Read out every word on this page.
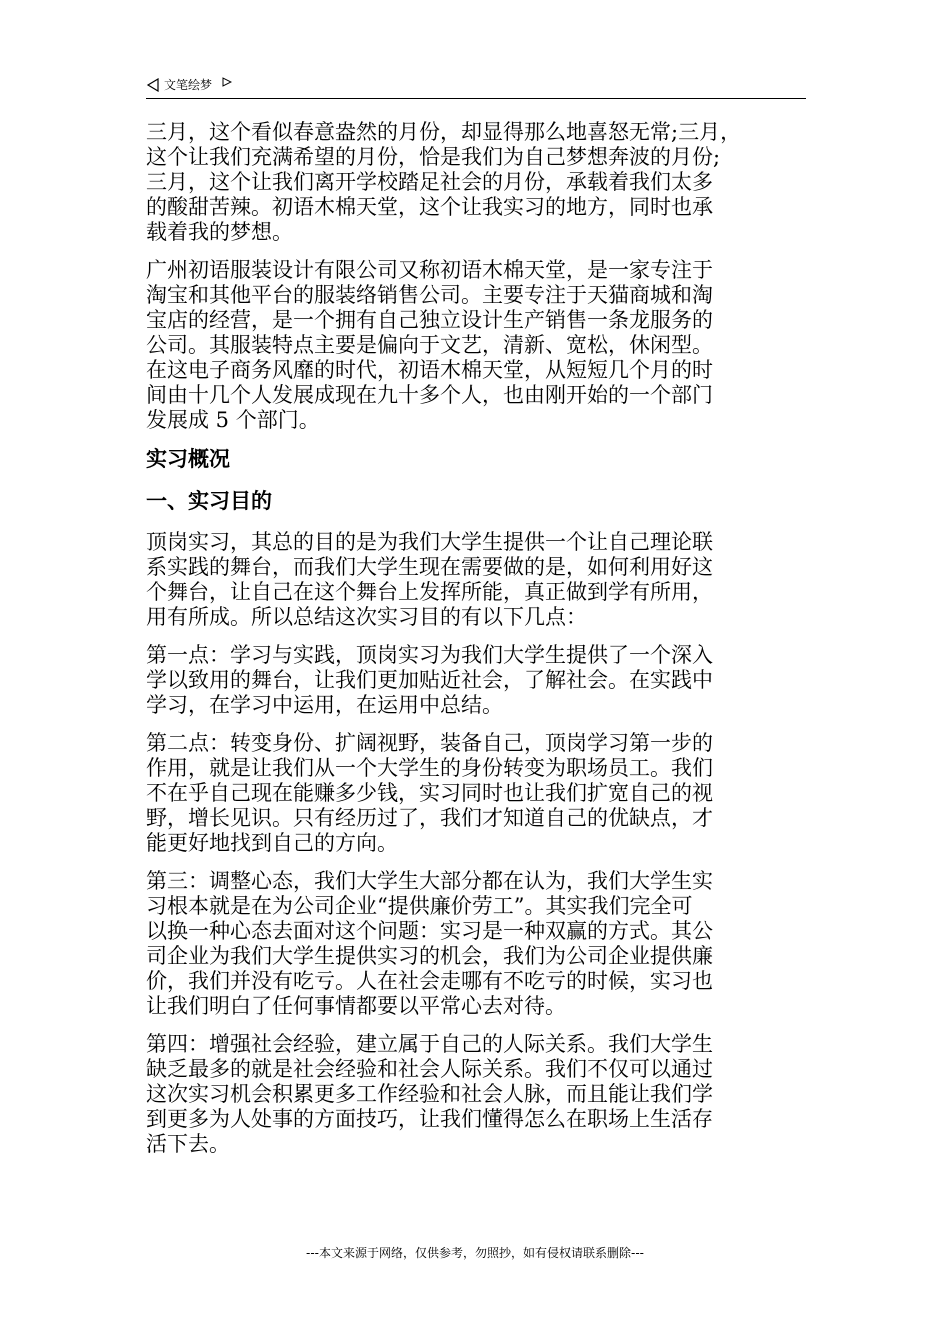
文笔绘梦

三月，这个看似春意盎然的月份，却显得那么地喜怒无常;三月，
这个让我们充满希望的月份，恰是我们为自己梦想奔波的月份;
三月，这个让我们离开学校踏足社会的月份，承载着我们太多
的酸甜苦辣。初语木棉天堂，这个让我实习的地方，同时也承
载着我的梦想。

广州初语服装设计有限公司又称初语木棉天堂，是一家专注于
淘宝和其他平台的服装络销售公司。主要专注于天猫商城和淘
宝店的经营，是一个拥有自己独立设计生产销售一条龙服务的
公司。其服装特点主要是偏向于文艺，清新、宽松，休闲型。
在这电子商务风靡的时代，初语木棉天堂，从短短几个月的时
间由十几个人发展成现在九十多个人，也由刚开始的一个部门
发展成 5 个部门。

实习概况
一、实习目的

顶岗实习，其总的目的是为我们大学生提供一个让自己理论联
系实践的舞台，而我们大学生现在需要做的是，如何利用好这
个舞台，让自己在这个舞台上发挥所能，真正做到学有所用，
用有所成。所以总结这次实习目的有以下几点：

第一点：学习与实践，顶岗实习为我们大学生提供了一个深入
学以致用的舞台，让我们更加贴近社会，了解社会。在实践中
学习，在学习中运用，在运用中总结。

第二点：转变身份、扩阔视野，装备自己，顶岗学习第一步的
作用，就是让我们从一个大学生的身份转变为职场员工。我们
不在乎自己现在能赚多少钱，实习同时也让我们扩宽自己的视
野，增长见识。只有经历过了，我们才知道自己的优缺点，才
能更好地找到自己的方向。

第三：调整心态，我们大学生大部分都在认为，我们大学生实
习根本就是在为公司企业“提供廉价劳工”。其实我们完全可
以换一种心态去面对这个问题：实习是一种双赢的方式。其公
司企业为我们大学生提供实习的机会，我们为公司企业提供廉
价，我们并没有吃亏。人在社会走哪有不吃亏的时候，实习也
让我们明白了任何事情都要以平常心去对待。

第四：增强社会经验，建立属于自己的人际关系。我们大学生
缺乏最多的就是社会经验和社会人际关系。我们不仅可以通过
这次实习机会积累更多工作经验和社会人脉，而且能让我们学
到更多为人处事的方面技巧，让我们懂得怎么在职场上生活存
活下去。

---本文来源于网络，仅供参考，勿照抄，如有侵权请联系删除---
